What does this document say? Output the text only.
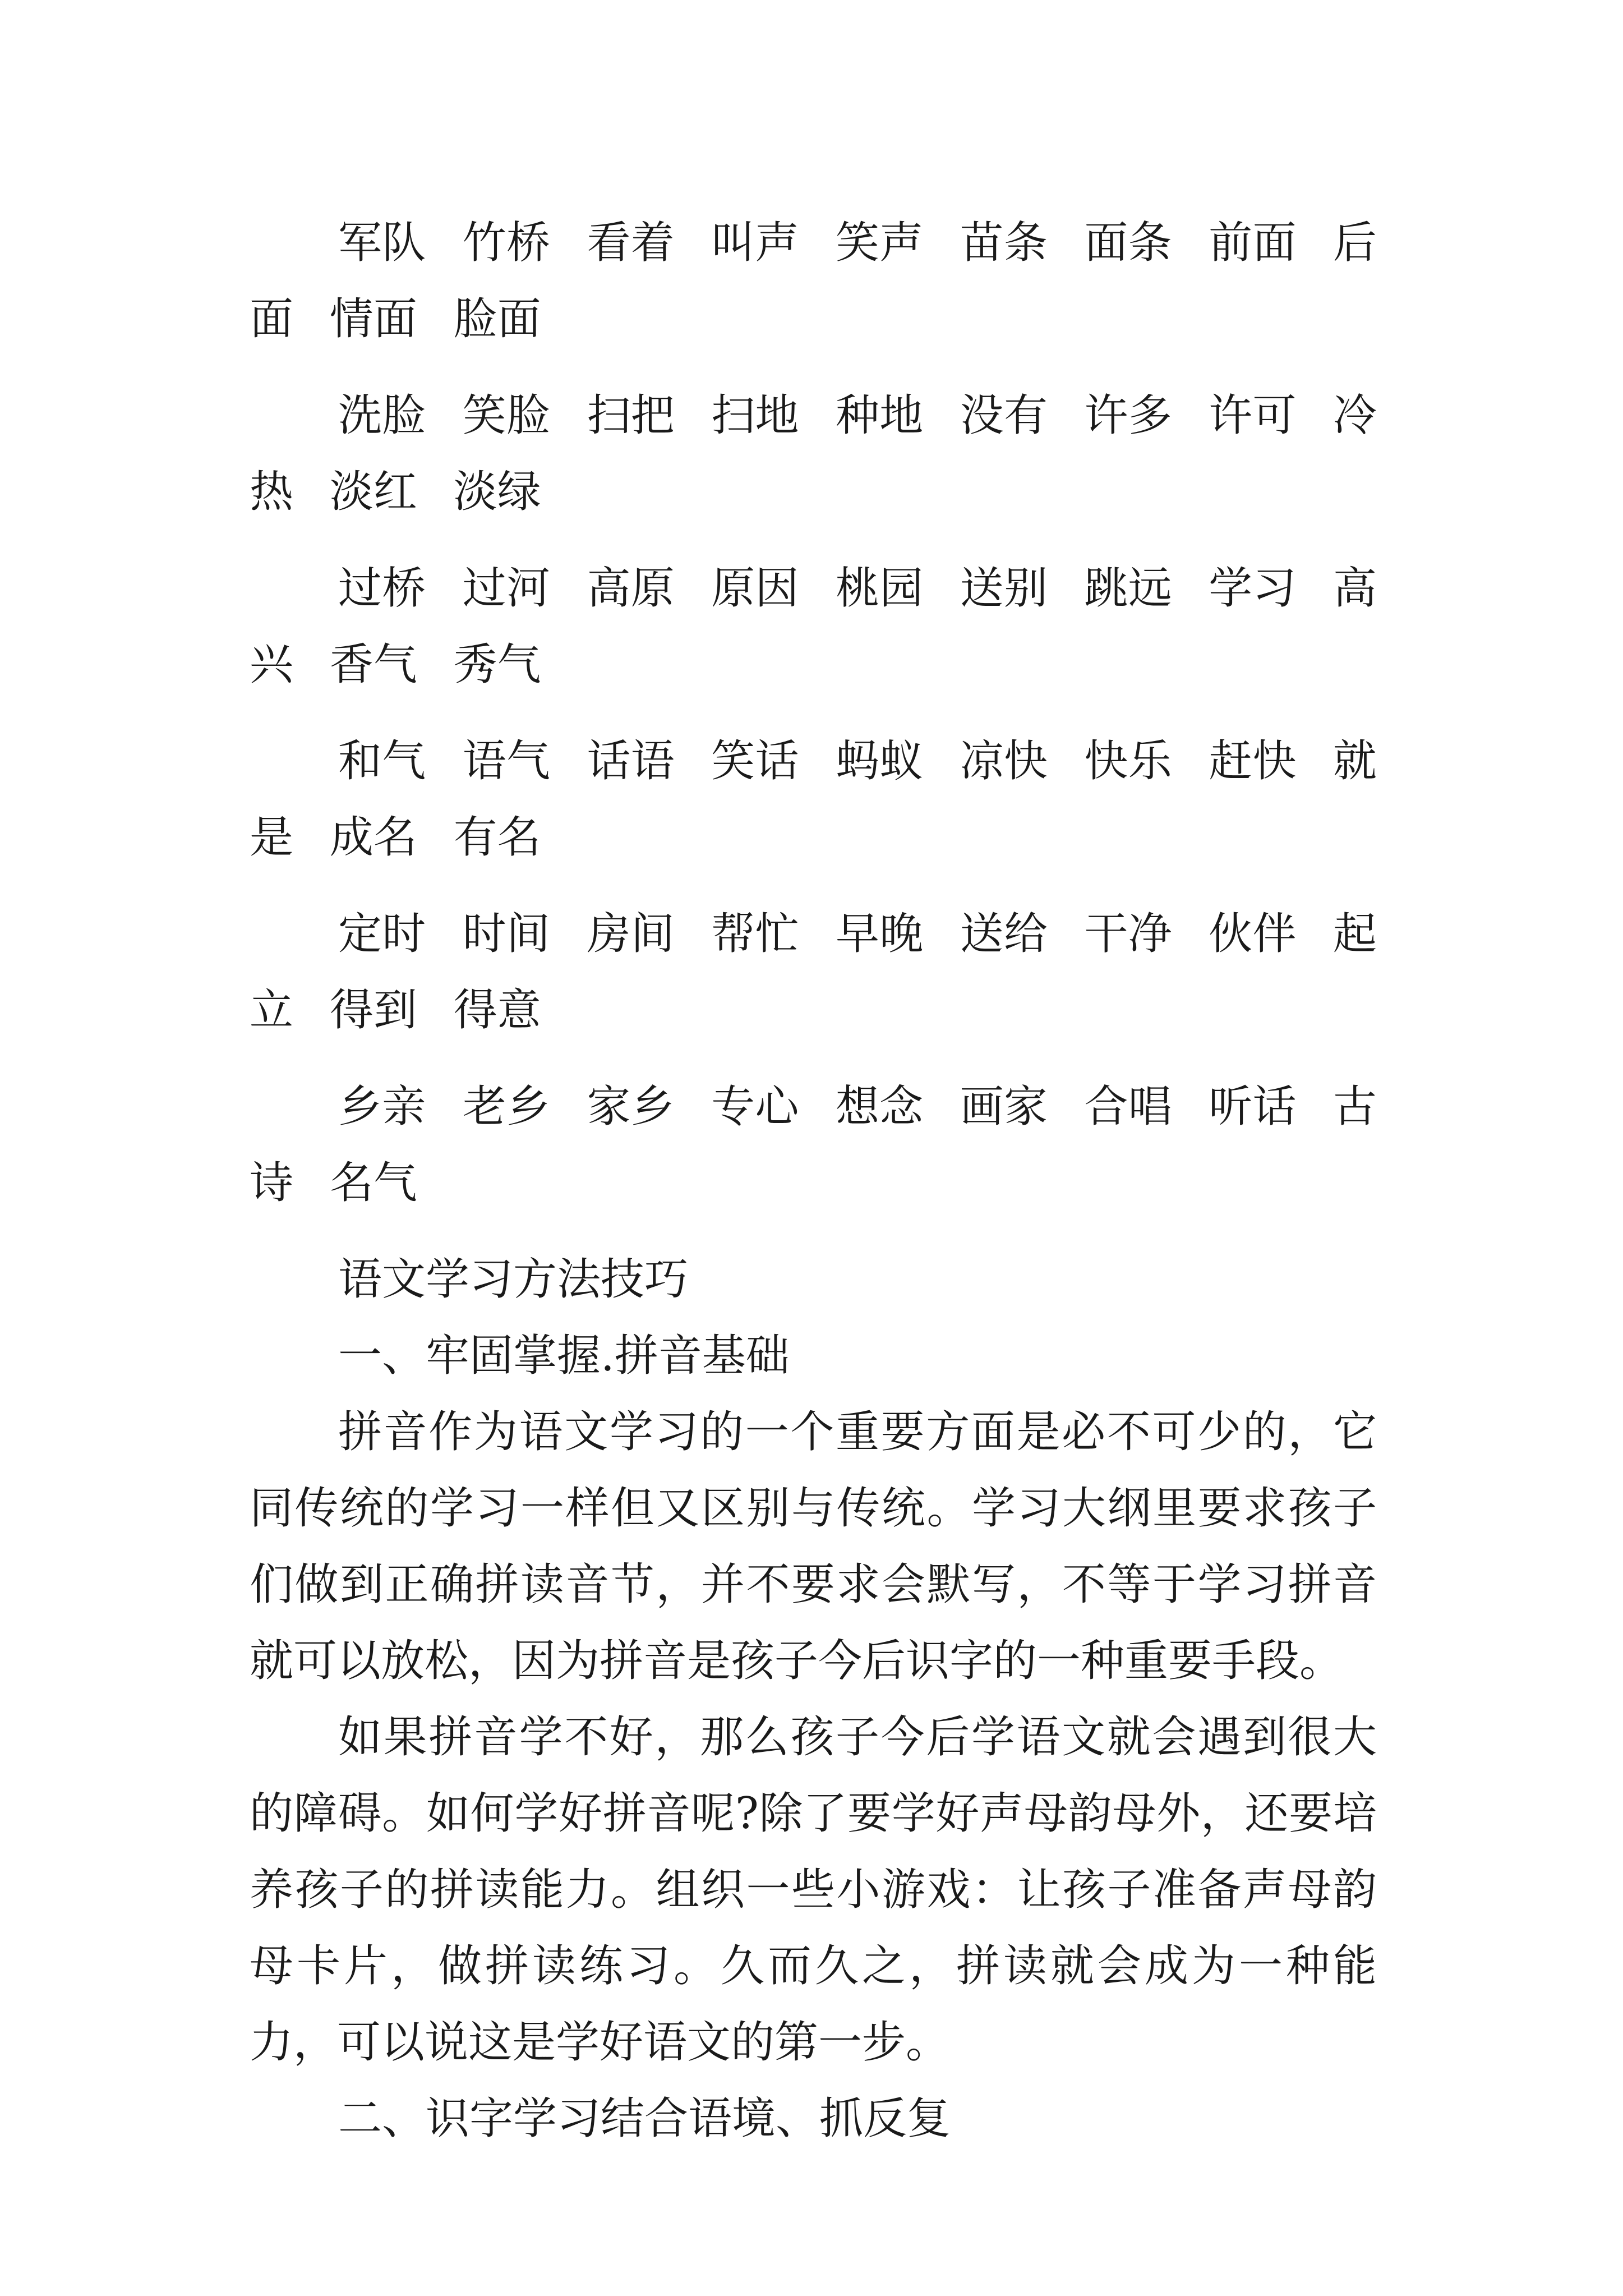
军队 竹桥 看着 叫声 笑声 苗条 面条 前面 后面 情面 脸面

洗脸 笑脸 扫把 扫地 种地 没有 许多 许可 冷热 淡红 淡绿

过桥 过河 高原 原因 桃园 送别 跳远 学习 高兴 香气 秀气

和气 语气 话语 笑话 蚂蚁 凉快 快乐 赶快 就是 成名 有名

定时 时间 房间 帮忙 早晚 送给 干净 伙伴 起立 得到 得意

乡亲 老乡 家乡 专心 想念 画家 合唱 听话 古诗 名气

语文学习方法技巧

一、牢固掌握.拼音基础

拼音作为语文学习的一个重要方面是必不可少的，它同传统的学习一样但又区别与传统。学习大纲里要求孩子们做到正确拼读音节，并不要求会默写，不等于学习拼音就可以放松，因为拼音是孩子今后识字的一种重要手段。

如果拼音学不好，那么孩子今后学语文就会遇到很大的障碍。如何学好拼音呢?除了要学好声母韵母外，还要培养孩子的拼读能力。组织一些小游戏：让孩子准备声母韵母卡片，做拼读练习。久而久之，拼读就会成为一种能力，可以说这是学好语文的第一步。

二、识字学习结合语境、抓反复
